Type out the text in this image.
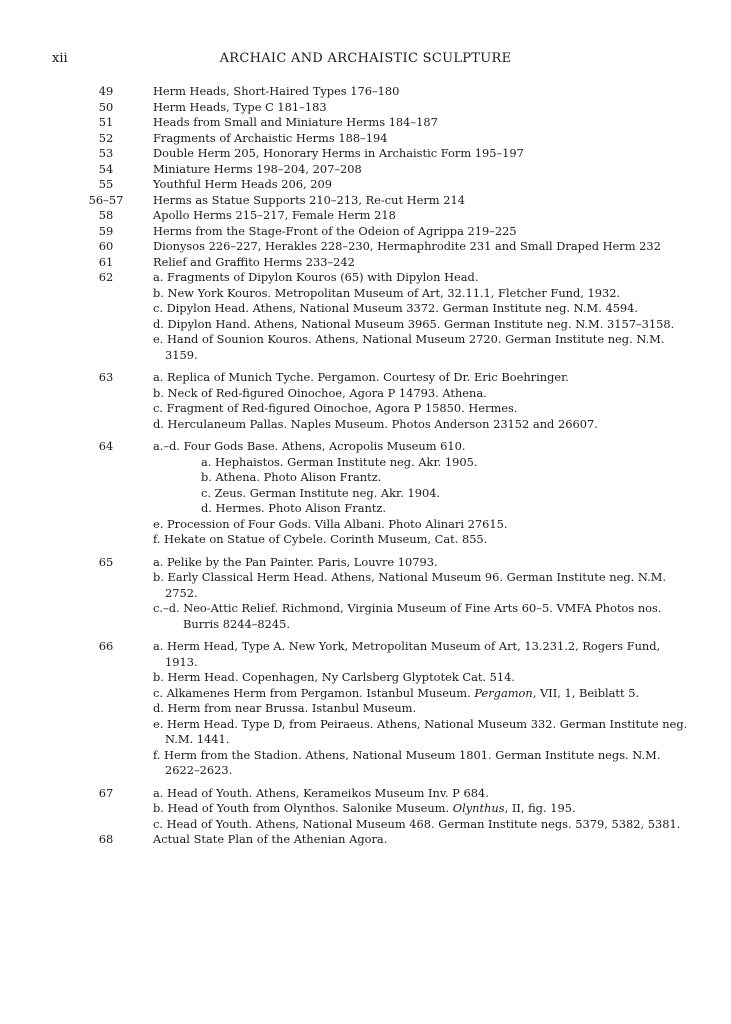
xii	ARCHAIC AND ARCHAISTIC SCULPTURE
49	Herm Heads, Short-Haired Types 176–180
50	Herm Heads, Type C 181–183
51	Heads from Small and Miniature Herms 184–187
52	Fragments of Archaistic Herms 188–194
53	Double Herm 205, Honorary Herms in Archaistic Form 195–197
54	Miniature Herms 198–204, 207–208
55	Youthful Herm Heads 206, 209
56–57	Herms as Statue Supports 210–213, Re-cut Herm 214
58	Apollo Herms 215–217, Female Herm 218
59	Herms from the Stage-Front of the Odeion of Agrippa 219–225
60	Dionysos 226–227, Herakles 228–230, Hermaphrodite 231 and Small Draped Herm 232
61	Relief and Graffito Herms 233–242
62	a. Fragments of Dipylon Kouros (65) with Dipylon Head.
b. New York Kouros. Metropolitan Museum of Art, 32.11.1, Fletcher Fund, 1932.
c. Dipylon Head. Athens, National Museum 3372. German Institute neg. N.M. 4594.
d. Dipylon Hand. Athens, National Museum 3965. German Institute neg. N.M. 3157–3158.
e. Hand of Sounion Kouros. Athens, National Museum 2720. German Institute neg. N.M. 3159.
63	a. Replica of Munich Tyche. Pergamon. Courtesy of Dr. Eric Boehringer.
b. Neck of Red-figured Oinochoe, Agora P 14793. Athena.
c. Fragment of Red-figured Oinochoe, Agora P 15850. Hermes.
d. Herculaneum Pallas. Naples Museum. Photos Anderson 23152 and 26607.
64	a.–d. Four Gods Base. Athens, Acropolis Museum 610.
a. Hephaistos. German Institute neg. Akr. 1905.
b. Athena. Photo Alison Frantz.
c. Zeus. German Institute neg. Akr. 1904.
d. Hermes. Photo Alison Frantz.
e. Procession of Four Gods. Villa Albani. Photo Alinari 27615.
f. Hekate on Statue of Cybele. Corinth Museum, Cat. 855.
65	a. Pelike by the Pan Painter. Paris, Louvre 10793.
b. Early Classical Herm Head. Athens, National Museum 96. German Institute neg. N.M. 2752.
c.–d. Neo-Attic Relief. Richmond, Virginia Museum of Fine Arts 60–5. VMFA Photos nos. Burris 8244–8245.
66	a. Herm Head, Type A. New York, Metropolitan Museum of Art, 13.231.2, Rogers Fund, 1913.
b. Herm Head. Copenhagen, Ny Carlsberg Glyptotek Cat. 514.
c. Alkamenes Herm from Pergamon. Istanbul Museum. Pergamon, VII, 1, Beiblatt 5.
d. Herm from near Brussa. Istanbul Museum.
e. Herm Head. Type D, from Peiraeus. Athens, National Museum 332. German Institute neg. N.M. 1441.
f. Herm from the Stadion. Athens, National Museum 1801. German Institute negs. N.M. 2622–2623.
67	a. Head of Youth. Athens, Kerameikos Museum Inv. P 684.
b. Head of Youth from Olynthos. Salonike Museum. Olynthus, II, fig. 195.
c. Head of Youth. Athens, National Museum 468. German Institute negs. 5379, 5382, 5381.
68	Actual State Plan of the Athenian Agora.
